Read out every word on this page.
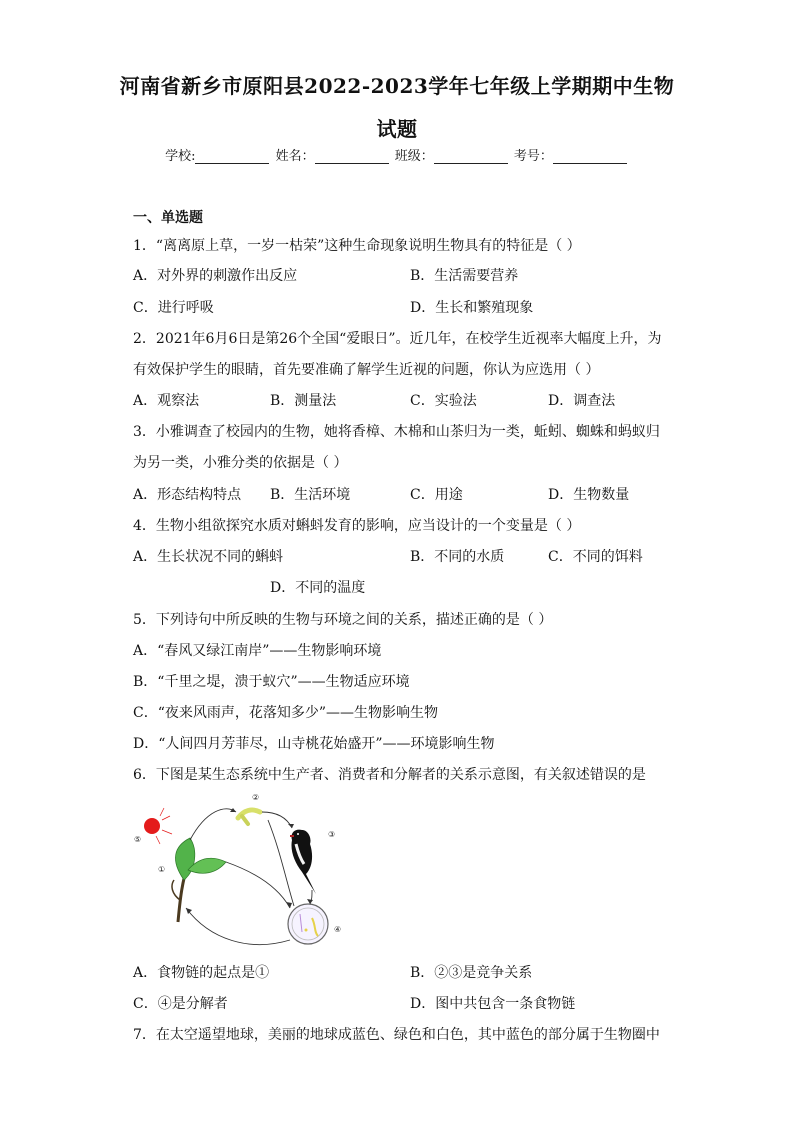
河南省新乡市原阳县2022-2023学年七年级上学期期中生物
试题
学校:	姓名：	班级：	考号：
一、单选题
1．“离离原上草，一岁一枯荣”这种生命现象说明生物具有的特征是（ ）
A．对外界的刺激作出反应	B．生活需要营养
C．进行呼吸	D．生长和繁殖现象
2．2021年6月6日是第26个全国“爱眼日”。近几年，在校学生近视率大幅度上升，为
有效保护学生的眼睛，首先要准确了解学生近视的问题，你认为应选用（ ）
A．观察法	B．测量法	C．实验法	D．调查法
3．小雅调查了校园内的生物，她将香樟、木棉和山茶归为一类，蚯蚓、蜘蛛和蚂蚁归
为另一类，小雅分类的依据是（ ）
A．形态结构特点 B．生活环境	C．用途	D．生物数量
4．生物小组欲探究水质对蝌蚪发育的影响，应当设计的一个变量是（ ）
A．生长状况不同的蝌蚪	B．不同的水质	C．不同的饵料
D．不同的温度
5．下列诗句中所反映的生物与环境之间的关系，描述正确的是（ ）
A．“春风又绿江南岸”——生物影响环境
B．“千里之堤，溃于蚁穴”——生物适应环境
C．“夜来风雨声，花落知多少”——生物影响生物
D．“人间四月芳菲尽，山寺桃花始盛开”——环境影响生物
6．下图是某生态系统中生产者、消费者和分解者的关系示意图，有关叙述错误的是
①
②
③
④
⑤
A．食物链的起点是①	B．②③是竞争关系
C．④是分解者	D．图中共包含一条食物链
7．在太空遥望地球，美丽的地球成蓝色、绿色和白色，其中蓝色的部分属于生物圈中
